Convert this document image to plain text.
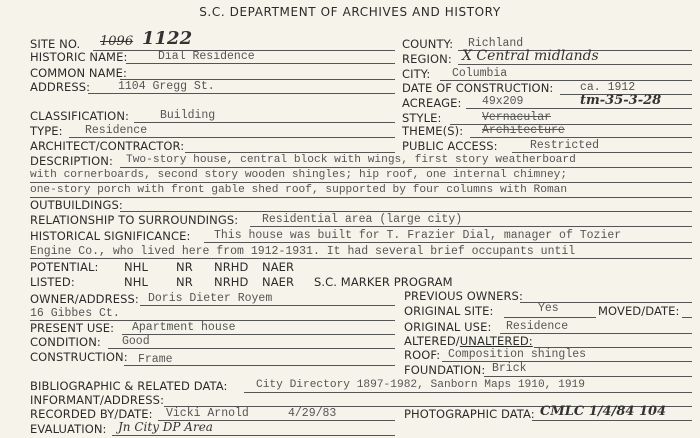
S.C. DEPARTMENT OF ARCHIVES AND HISTORY
SITE NO. 1096 1122
HISTORIC NAME:	Dial Residence
COMMON NAME:
ADDRESS: 1104 Gregg St.
CLASSIFICATION:	Building
TYPE: Residence
ARCHITECT/CONTRACTOR:
COUNTY: Richland
REGION: X Central midlands
CITY: Columbia
DATE OF CONSTRUCTION: ca. 1912
ACREAGE: 49x209	tm-35-3-28
STYLE:	Vernacular
THEME(S): Architecture
PUBLIC ACCESS:	Restricted
DESCRIPTION: Two-story house, central block with wings, first story weatherboard
with cornerboards, second story wooden shingles; hip roof, one internal chimney;
one-story porch with front gable shed roof, supported by four columns with Roman
OUTBUILDINGS:
RELATIONSHIP TO SURROUNDINGS: Residential area (large city)
HISTORICAL SIGNIFICANCE: This house was built for T. Frazier Dial, manager of Tozier
Engine Co., who lived here from 1912-1931. It had several brief occupants until
POTENTIAL: NHL NR NRHD NAER
LISTED:	NHL NR NRHD NAER S.C. MARKER PROGRAM
OWNER/ADDRESS: Doris Dieter Royem
16 Gibbes Ct.
PRESENT USE: Apartment house
CONDITION: Good
CONSTRUCTION: Frame
PREVIOUS OWNERS:
ORIGINAL SITE:	Yes	MOVED/DATE:
ORIGINAL USE: Residence
ALTERED/UNALTERED:
ROOF: Composition shingles
FOUNDATION: Brick
BIBLIOGRAPHIC & RELATED DATA:	City Directory 1897-1982, Sanborn Maps 1910, 1919
INFORMANT/ADDRESS:
RECORDED BY/DATE: Vicki Arnold	4/29/83	PHOTOGRAPHIC DATA: CMLC 1/4/84 104
EVALUATION: Jn City DP Area
